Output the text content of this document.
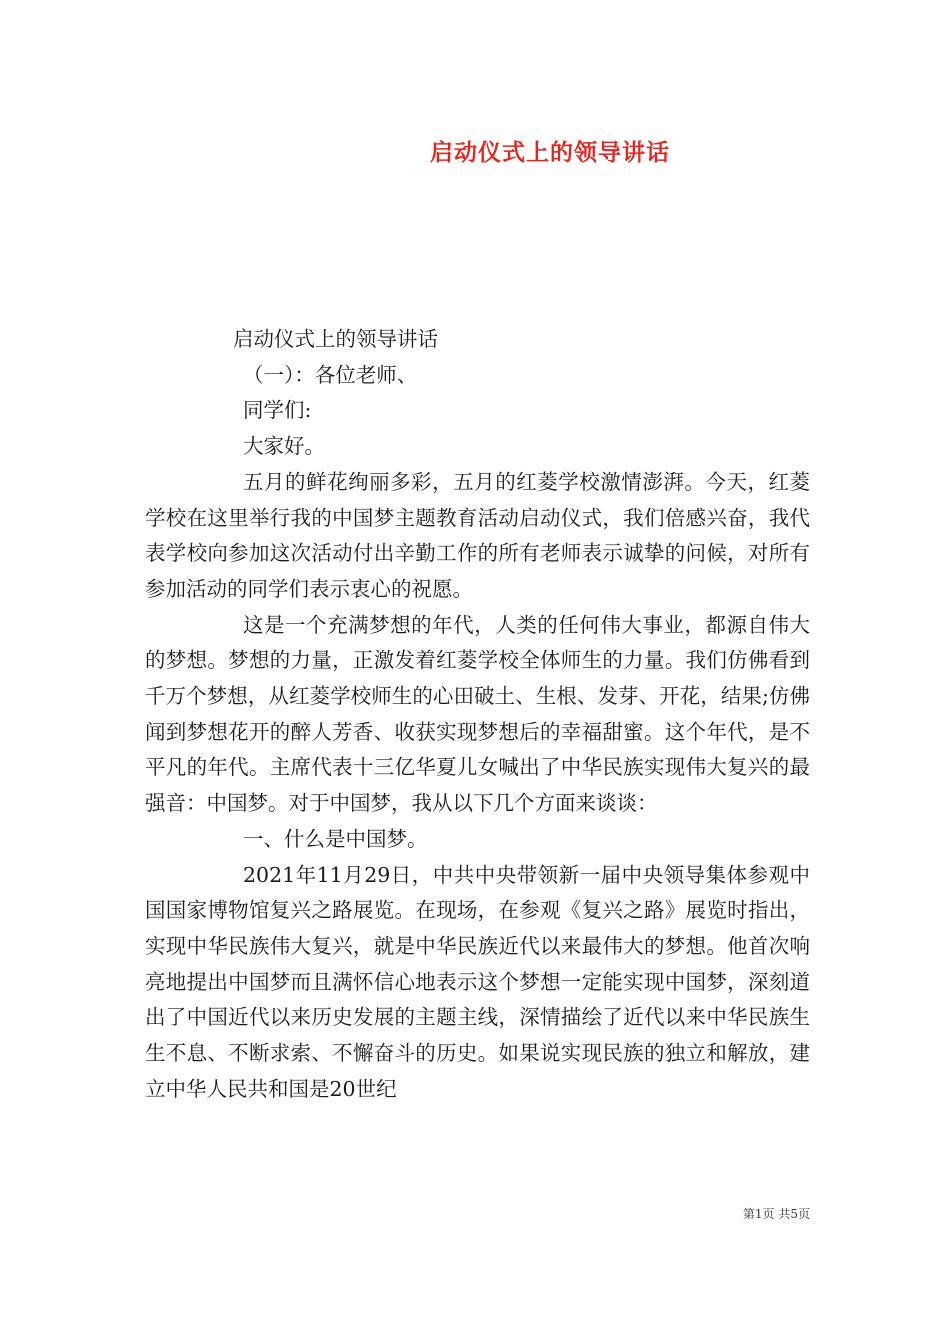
启动仪式上的领导讲话

启动仪式上的领导讲话

（一）：各位老师、

同学们:

大家好。

五月的鲜花绚丽多彩，五月的红菱学校激情澎湃。今天，红菱学校在这里举行我的中国梦主题教育活动启动仪式，我们倍感兴奋，我代表学校向参加这次活动付出辛勤工作的所有老师表示诚挚的问候，对所有参加活动的同学们表示衷心的祝愿。

这是一个充满梦想的年代，人类的任何伟大事业，都源自伟大的梦想。梦想的力量，正激发着红菱学校全体师生的力量。我们仿佛看到千万个梦想，从红菱学校师生的心田破土、生根、发芽、开花，结果;仿佛闻到梦想花开的醉人芳香、收获实现梦想后的幸福甜蜜。这个年代，是不平凡的年代。主席代表十三亿华夏儿女喊出了中华民族实现伟大复兴的最强音：中国梦。对于中国梦，我从以下几个方面来谈谈：

一、什么是中国梦。

2021年11月29日，中共中央带领新一届中央领导集体参观中国国家博物馆复兴之路展览。在现场，在参观《复兴之路》展览时指出，实现中华民族伟大复兴，就是中华民族近代以来最伟大的梦想。他首次响亮地提出中国梦而且满怀信心地表示这个梦想一定能实现中国梦，深刻道出了中国近代以来历史发展的主题主线，深情描绘了近代以来中华民族生生不息、不断求索、不懈奋斗的历史。如果说实现民族的独立和解放，建立中华人民共和国是20世纪

第1页 共5页
